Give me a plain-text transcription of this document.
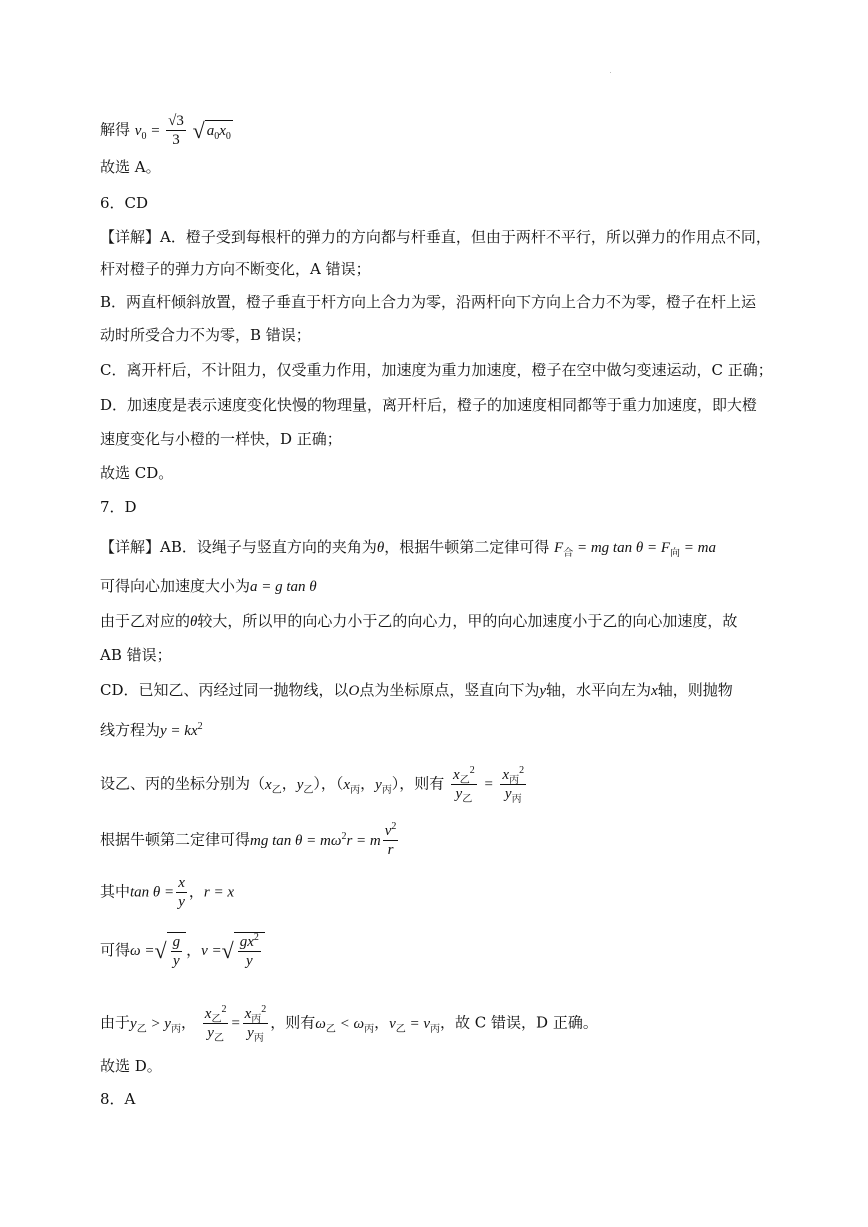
解得 $v_0 = \frac{√3}{3}$ √ $a_0x_0$
故选 A。
6．CD
【详解】A．橙子受到每根杆的弹力的方向都与杆垂直，但由于两杆不平行，所以弹力的作用点不同，
杆对橙子的弹力方向不断变化，A 错误；
B．两直杆倾斜放置，橙子垂直于杆方向上合力为零，沿两杆向下方向上合力不为零，橙子在杆上运
动时所受合力不为零，B 错误；
C．离开杆后，不计阻力，仅受重力作用，加速度为重力加速度，橙子在空中做匀变速运动，C 正确；
D．加速度是表示速度变化快慢的物理量，离开杆后，橙子的加速度相同都等于重力加速度，即大橙
速度变化与小橙的一样快，D 正确；
故选 CD。
7．D
【详解】AB．设绳子与竖直方向的夹角为θ，根据牛顿第二定律可得 $F_合$ = mg $\tan \theta = F_向$ = ma
可得向心加速度大小为a = g tan θ
由于乙对应的θ较大，所以甲的向心力小于乙的向心力，甲的向心加速度小于乙的向心加速度，故
AB 错误；
CD．已知乙、丙经过同一抛物线，以O点为坐标原点，竖直向下为y轴，水平向左为x轴，则抛物
线方程为$y = kx^2$
设乙、丙的坐标分别为（$x_乙$，$y_乙$），（$x_丙$，$y_丙$），则有 $\frac{x_乙^2}{y_乙} = \frac{x_丙^2}{y_丙}$
根据牛顿第二定律可得mg $\tan \theta = m\omega^2r = m \frac{v^2}{r}$
其中$\tan \theta = \frac{x}{y}$ ，r = x
可得ω =√ $\frac{g}{y}$ ，v =√ $\frac{gx^2}{y}$
由于$y_乙 > y_丙$， $\frac{x_乙^2}{y_乙} = \frac{x_丙^2}{y_丙}$ ，则有$\omega_乙 < \omega_丙$，$v_乙 = v_丙$，故 C 错误，D 正确。
故选 D。
8．A
